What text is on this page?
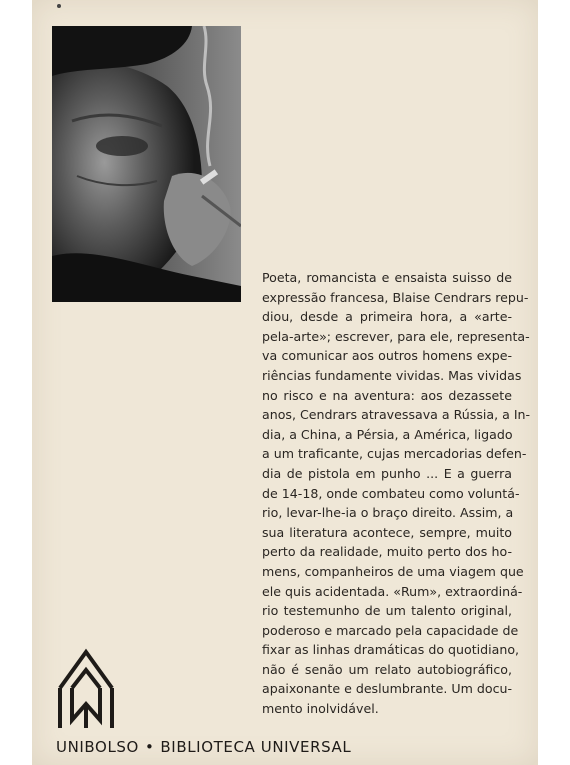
Poeta, romancista e ensaista suisso de
expressão francesa, Blaise Cendrars repu-
diou, desde a primeira hora, a «arte-
pela-arte»; escrever, para ele, representa-
va comunicar aos outros homens expe-
riências fundamente vividas. Mas vividas
no risco e na aventura: aos dezassete
anos, Cendrars atravessava a Rússia, a In-
dia, a China, a Pérsia, a América, ligado
a um traficante, cujas mercadorias defen-
dia de pistola em punho ... E a guerra
de 14-18, onde combateu como voluntá-
rio, levar-lhe-ia o braço direito. Assim, a
sua literatura acontece, sempre, muito
perto da realidade, muito perto dos ho-
mens, companheiros de uma viagem que
ele quis acidentada. «Rum», extraordiná-
rio testemunho de um talento original,
poderoso e marcado pela capacidade de
fixar as linhas dramáticas do quotidiano,
não é senão um relato autobiográfico,
apaixonante e deslumbrante. Um docu-
mento inolvidável.

UNIBOLSO • BIBLIOTECA UNIVERSAL
